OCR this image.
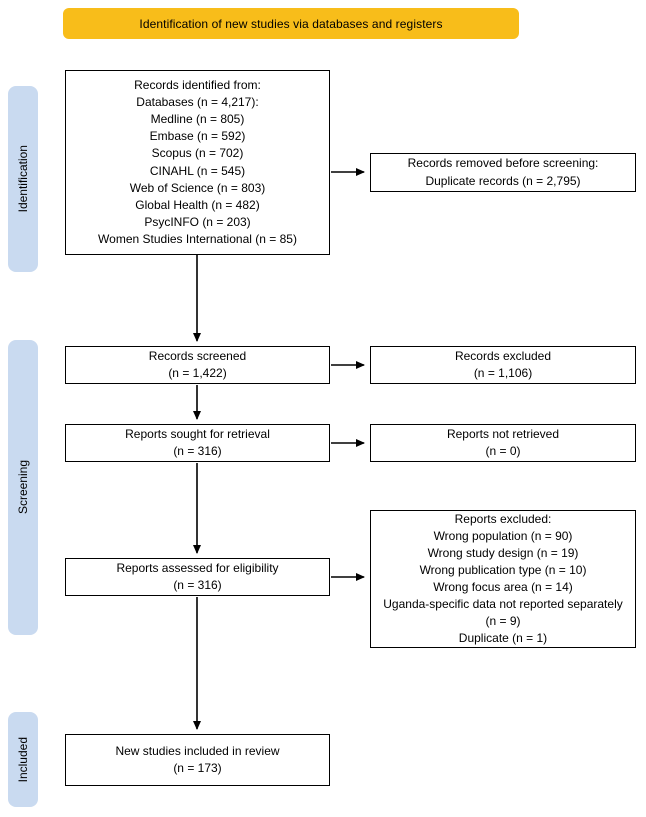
Identification of new studies via databases and registers
Identification
Screening
Included
Records identified from:
Databases (n = 4,217):
Medline (n = 805)
Embase (n = 592)
Scopus (n = 702)
CINAHL (n = 545)
Web of Science (n = 803)
Global Health (n = 482)
PsycINFO (n = 203)
Women Studies International (n = 85)
Records removed before screening:
Duplicate records (n = 2,795)
Records screened
(n = 1,422)
Records excluded
(n = 1,106)
Reports sought for retrieval
(n = 316)
Reports not retrieved
(n = 0)
Reports assessed for eligibility
(n = 316)
Reports excluded:
Wrong population (n = 90)
Wrong study design (n = 19)
Wrong publication type (n = 10)
Wrong focus area (n = 14)
Uganda-specific data not reported separately (n = 9)
Duplicate (n = 1)
New studies included in review
(n = 173)
